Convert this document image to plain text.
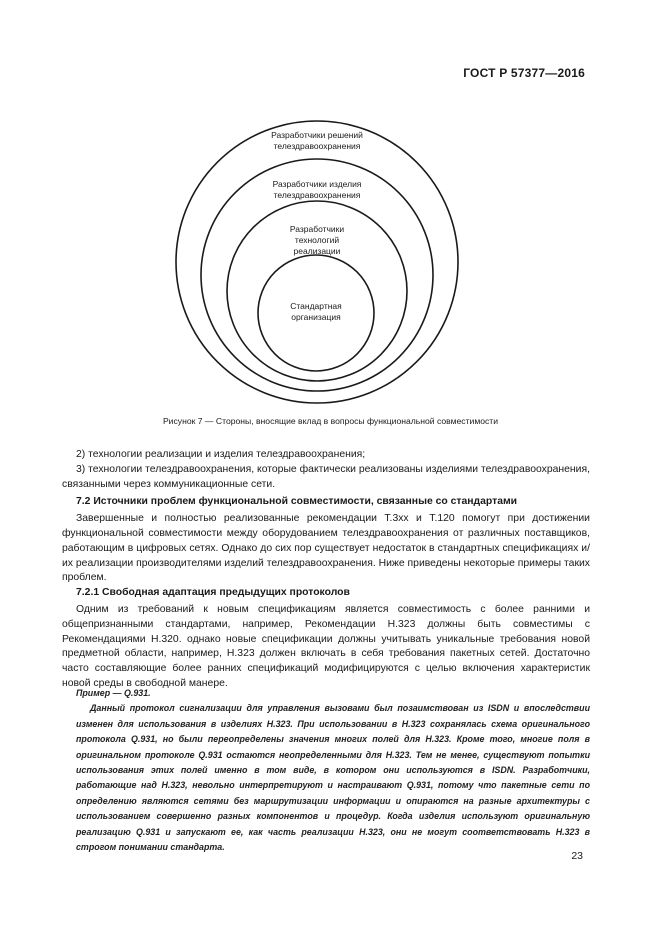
ГОСТ Р 57377—2016
Разработчики решений
телездравоохранения
Разработчики изделия
телездравоохранения
Разработчики
технологий
реализации
Стандартная
организация
Рисунок 7 — Стороны, вносящие вклад в вопросы функциональной совместимости

2) технологии реализации и изделия телездравоохранения;

3) технологии телездравоохранения, которые фактически реализованы изделиями телездравоохранения, связанными через коммуникационные сети.

7.2 Источники проблем функциональной совместимости, связанные со стандартами

Завершенные и полностью реализованные рекомендации Т.3хх и Т.120 помогут при достижении функциональной совместимости между оборудованием телездравоохранения от различных поставщиков, работающим в цифровых сетях. Однако до сих пор существует недостаток в стандартных спецификациях и/их реализации производителями изделий телездравоохранения. Ниже приведены некоторые примеры таких проблем.

7.2.1 Свободная адаптация предыдущих протоколов

Одним из требований к новым спецификациям является совместимость с более ранними и общепризнанными стандартами, например, Рекомендации Н.323 должны быть совместимы с Рекомендациями Н.320. однако новые спецификации должны учитывать уникальные требования новой предметной области, например, Н.323 должен включать в себя требования пакетных сетей. Достаточно часто составляющие более ранних спецификаций модифицируются с целью включения характеристик новой среды в свободной манере.

Пример — Q.931.

Данный протокол сигнализации для управления вызовами был позаимствован из ISDN и впоследствии изменен для использования в изделиях Н.323. При использовании в Н.323 сохранялась схема оригинального протокола Q.931, но были переопределены значения многих полей для Н.323. Кроме того, многие поля в оригинальном протоколе Q.931 остаются неопределенными для Н.323. Тем не менее, существуют попытки использования этих полей именно в том виде, в котором они используются в ISDN. Разработчики, работающие над Н.323, невольно интерпретируют и настраивают Q.931, потому что пакетные сети по определению являются сетями без маршрутизации информации и опираются на разные архитектуры с использованием совершенно разных компонентов и процедур. Когда изделия используют оригинальную реализацию Q.931 и запускают ее, как часть реализации Н.323, они не могут соответствовать Н.323 в строгом понимании стандарта.

23
